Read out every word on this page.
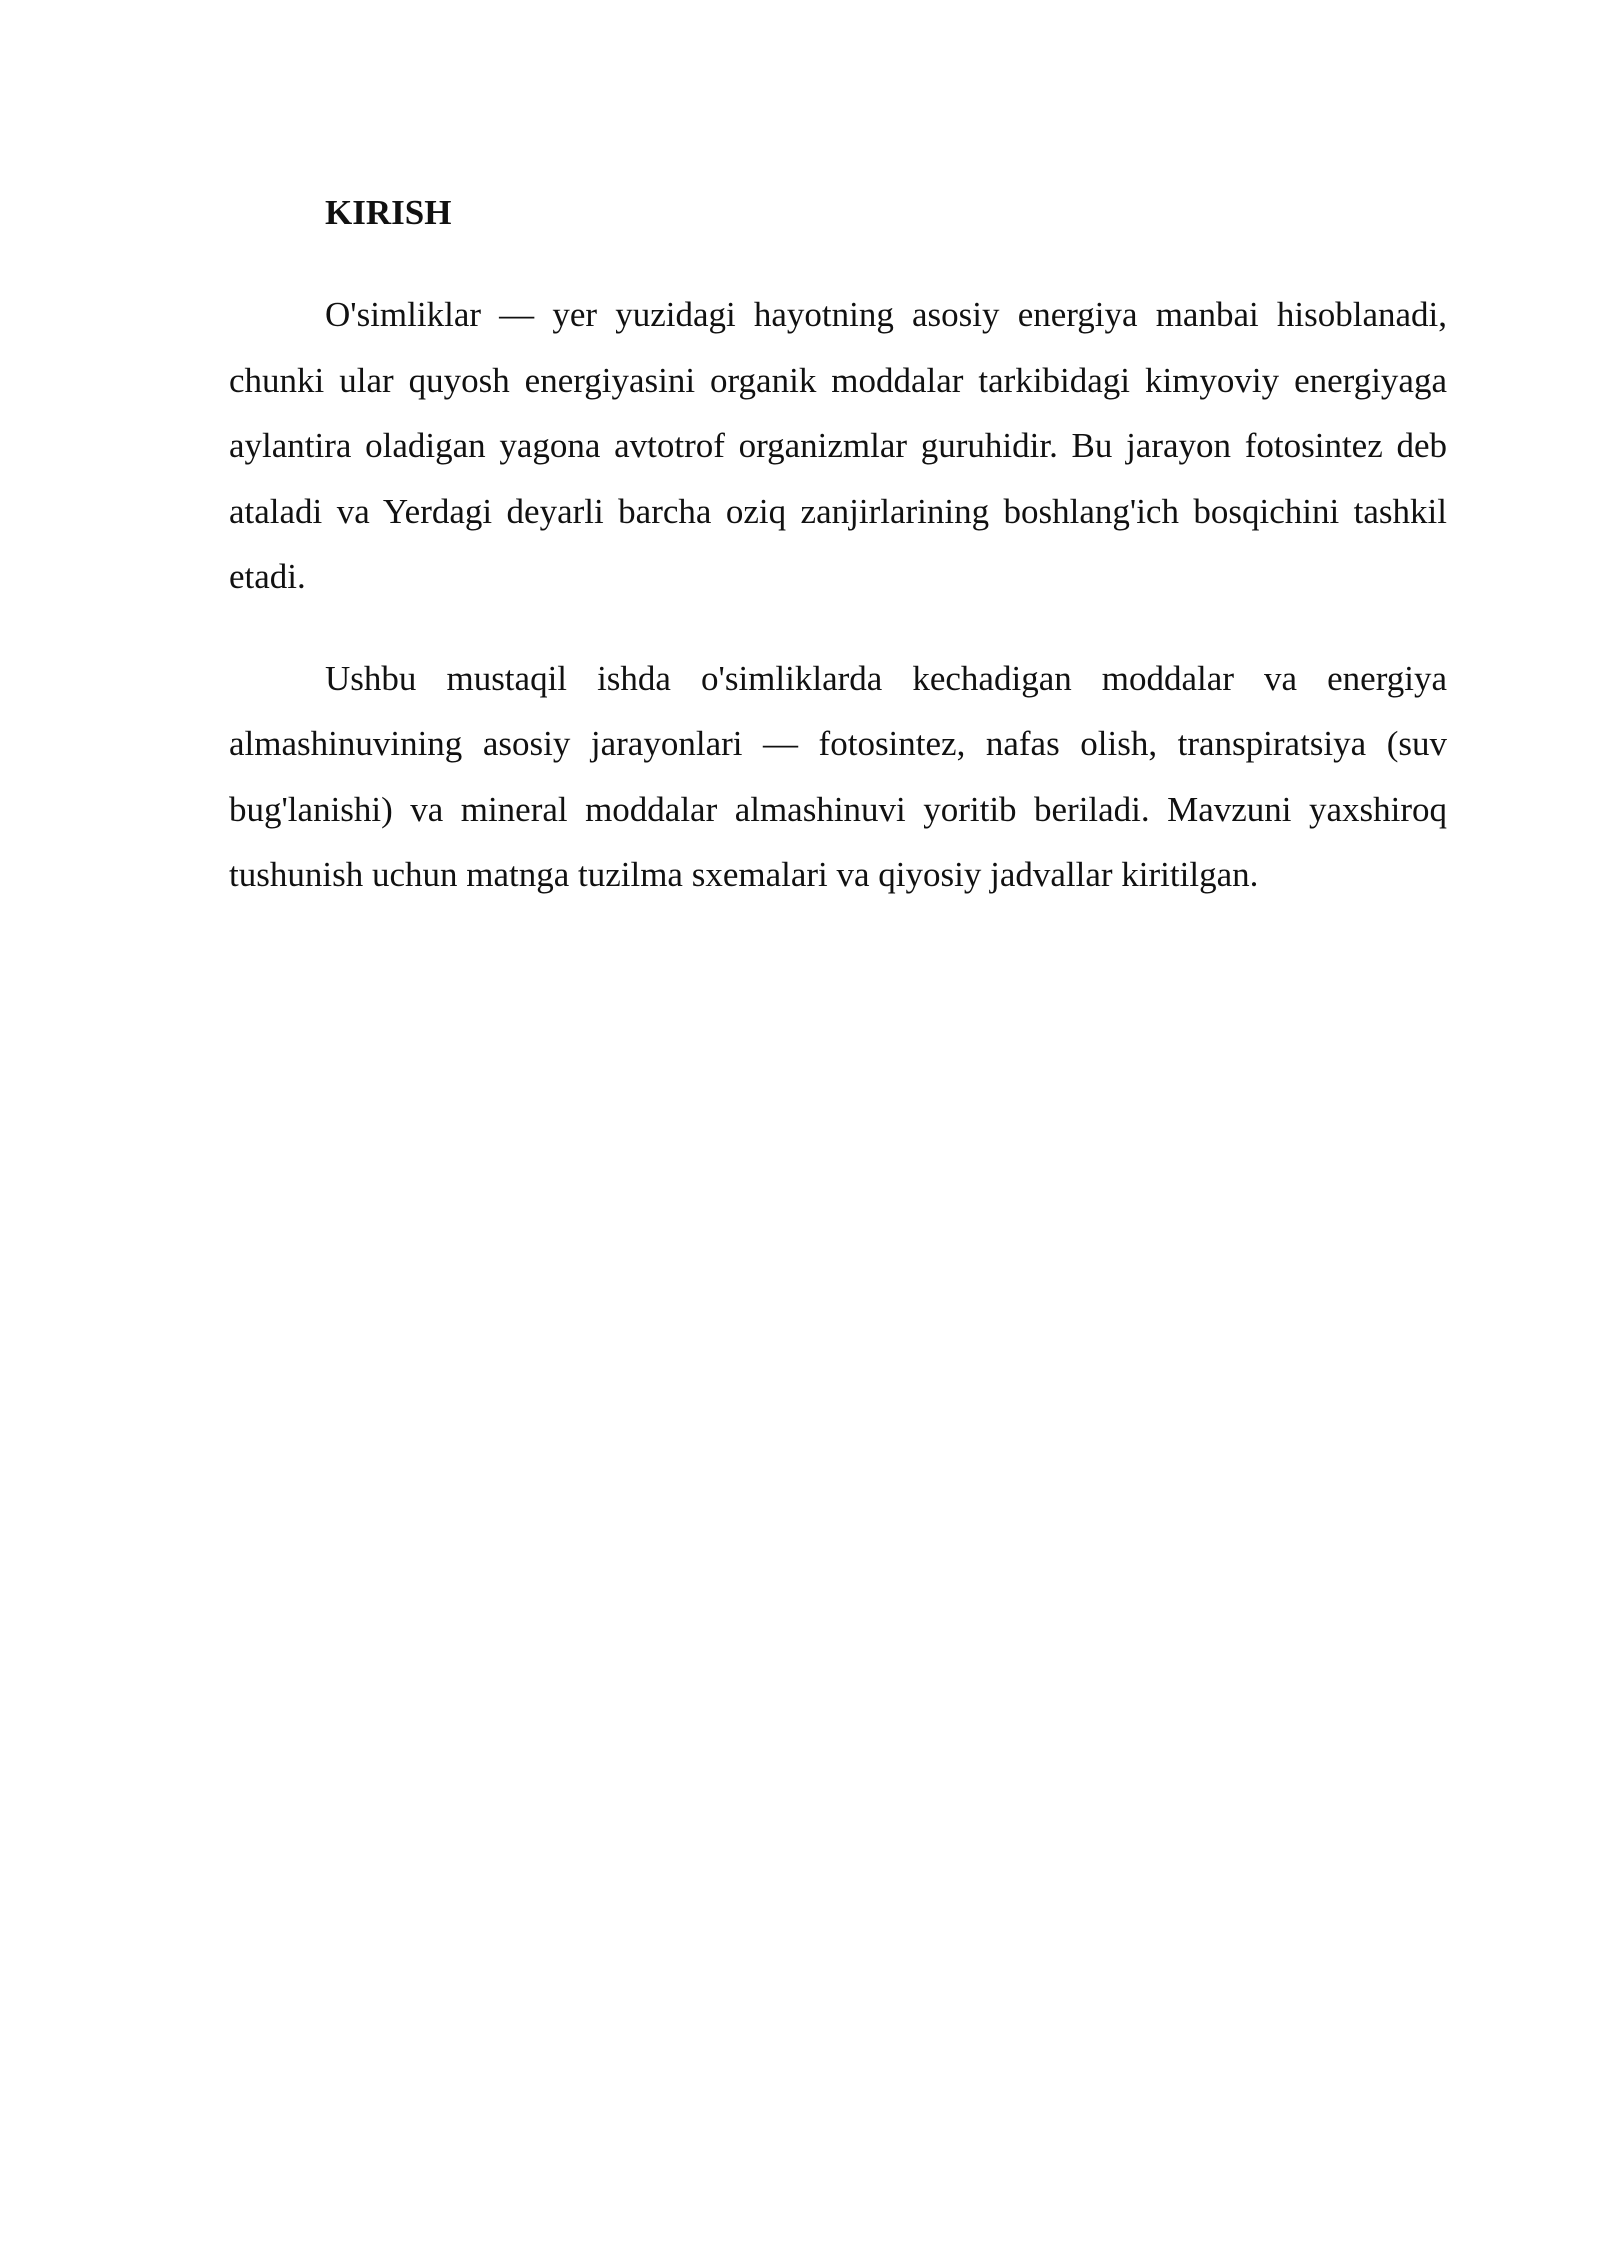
KIRISH

O'simliklar — yer yuzidagi hayotning asosiy energiya manbai hisoblanadi, chunki ular quyosh energiyasini organik moddalar tarkibidagi kimyoviy energiyaga aylantira oladigan yagona avtotrof organizmlar guruhidir. Bu jarayon fotosintez deb ataladi va Yerdagi deyarli barcha oziq zanjirlarining boshlang'ich bosqichini tashkil etadi.

Ushbu mustaqil ishda o'simliklarda kechadigan moddalar va energiya almashinuvining asosiy jarayonlari — fotosintez, nafas olish, transpiratsiya (suv bug'lanishi) va mineral moddalar almashinuvi yoritib beriladi. Mavzuni yaxshiroq tushunish uchun matnga tuzilma sxemalari va qiyosiy jadvallar kiritilgan.
